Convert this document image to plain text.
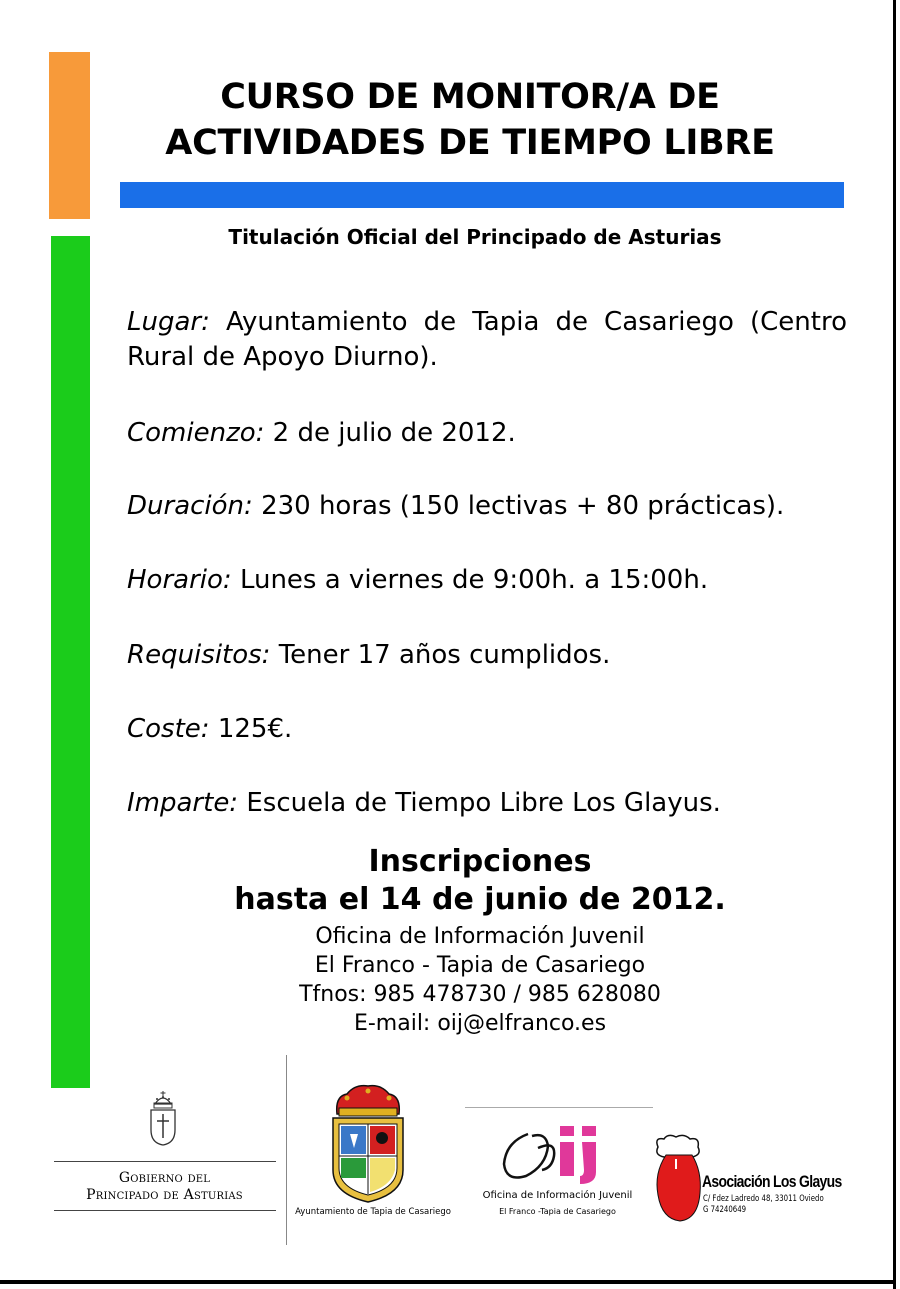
CURSO DE MONITOR/A DE
ACTIVIDADES DE TIEMPO LIBRE
Titulación Oficial del Principado de Asturias
Lugar: Ayuntamiento de Tapia de Casariego (Centro Rural de Apoyo Diurno).
Comienzo: 2 de julio de 2012.
Duración: 230 horas (150 lectivas + 80 prácticas).
Horario: Lunes a viernes de 9:00h. a 15:00h.
Requisitos: Tener 17 años cumplidos.
Coste: 125€.
Imparte: Escuela de Tiempo Libre Los Glayus.
Inscripciones
hasta el 14 de junio de 2012.
Oficina de Información Juvenil
El Franco - Tapia de Casariego
Tfnos: 985 478730 / 985 628080
E-mail: oij@elfranco.es
Gobierno del
Principado de Asturias
Ayuntamiento de Tapia de Casariego
Oficina de Información Juvenil
El Franco -Tapia de Casariego
Asociación Los Glayus
C/ Fdez Ladredo 48, 33011 Oviedo
G 74240649
